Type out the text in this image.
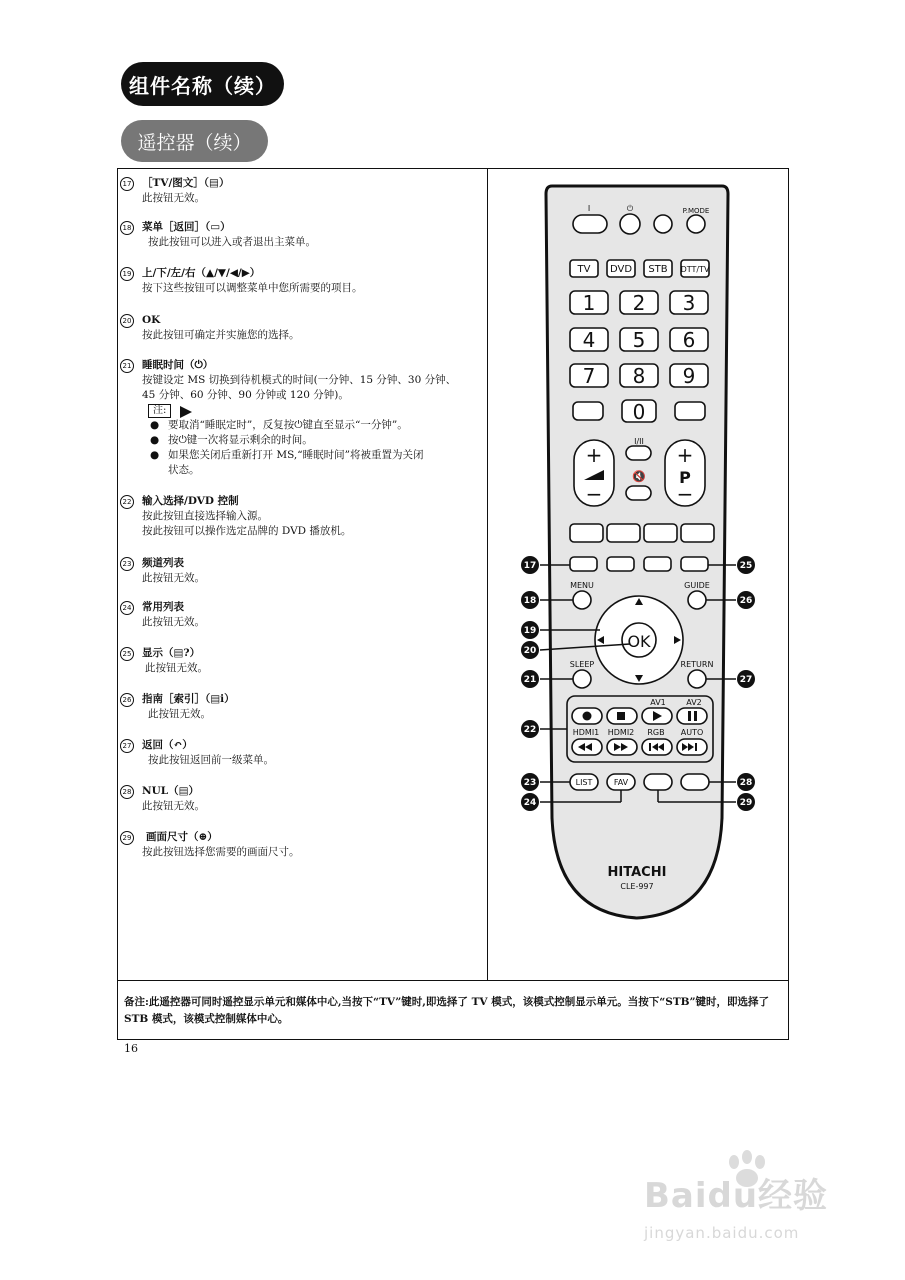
组件名称（续）
遥控器（续）
17 ［TV/图文］（▤）
此按钮无效。
18 菜单［返回］（▭）
按此按钮可以进入或者退出主菜单。
19 上/下/左/右（▲/▼/◀/▶）
按下这些按钮可以调整菜单中您所需要的项目。
20 OK
按此按钮可确定并实施您的选择。
21 睡眠时间（⏻）
按键设定 MS 切换到待机模式的时间(一分钟、15 分钟、30 分钟、
45 分钟、60 分钟、90 分钟或 120 分钟)。
注:
● 要取消“睡眠定时”，反复按⏻键直至显示“一分钟”。
● 按⏻键一次将显示剩余的时间。
● 如果您关闭后重新打开 MS,“睡眠时间”将被重置为关闭
状态。
22 输入选择/DVD 控制
按此按钮直接选择输入源。
按此按钮可以操作选定品牌的 DVD 播放机。
23 频道列表
此按钮无效。
24 常用列表
此按钮无效。
25 显示（▤?）
此按钮无效。
26 指南［索引］（▤i）
此按钮无效。
27 返回（↶）
按此按钮返回前一级菜单。
28 NUL（▤）
此按钮无效。
29 画面尺寸（⊕）
按此按钮选择您需要的画面尺寸。
I	⏻	P.MODE
TV DVD STB DTT/TV
1 2 3
4 5 6
7 8 9
0
I/II
🔇
+
−
+
P
−
MENU	GUIDE
OK
SLEEP	RETURN
AV1	AV2
HDMI1 HDMI2 RGB AUTO
LIST	FAV
HITACHI
CLE-997
17
18
19
20
21
22
23
24
25
26
27
28
29
备注:此遥控器可同时遥控显示单元和媒体中心,当按下“TV”键时,即选择了 TV 模式，该模式控制显示单元。当按下“STB”键时，即选择了 STB 模式，该模式控制媒体中心。
16
Baidu经验
jingyan.baidu.com
